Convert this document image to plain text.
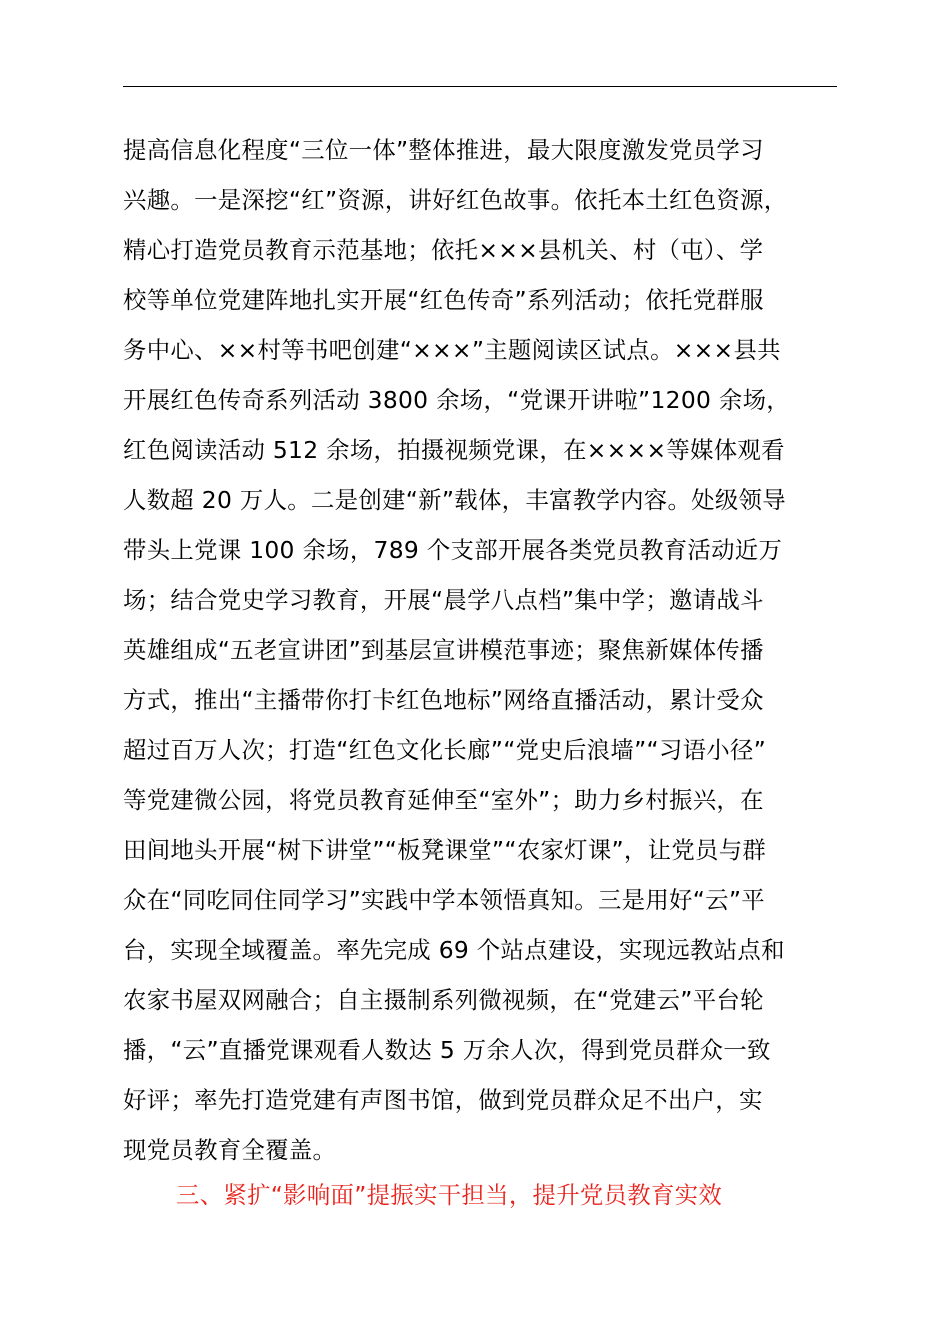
提高信息化程度“三位一体”整体推进，最大限度激发党员学习
兴趣。一是深挖“红”资源，讲好红色故事。依托本土红色资源，
精心打造党员教育示范基地；依托×××县机关、村（屯）、学
校等单位党建阵地扎实开展“红色传奇”系列活动；依托党群服
务中心、××村等书吧创建“×××”主题阅读区试点。×××县共
开展红色传奇系列活动 3800 余场，“党课开讲啦”1200 余场，
红色阅读活动 512 余场，拍摄视频党课，在××××等媒体观看
人数超 20 万人。二是创建“新”载体，丰富教学内容。处级领导
带头上党课 100 余场，789 个支部开展各类党员教育活动近万
场；结合党史学习教育，开展“晨学八点档”集中学；邀请战斗
英雄组成“五老宣讲团”到基层宣讲模范事迹；聚焦新媒体传播
方式，推出“主播带你打卡红色地标”网络直播活动，累计受众
超过百万人次；打造“红色文化长廊”“党史后浪墙”“习语小径”
等党建微公园，将党员教育延伸至“室外”；助力乡村振兴，在
田间地头开展“树下讲堂”“板凳课堂”“农家灯课”，让党员与群
众在“同吃同住同学习”实践中学本领悟真知。三是用好“云”平
台，实现全域覆盖。率先完成 69 个站点建设，实现远教站点和
农家书屋双网融合；自主摄制系列微视频，在“党建云”平台轮
播，“云”直播党课观看人数达 5 万余人次，得到党员群众一致
好评；率先打造党建有声图书馆，做到党员群众足不出户，实
现党员教育全覆盖。
三、紧扩“影响面”提振实干担当，提升党员教育实效
